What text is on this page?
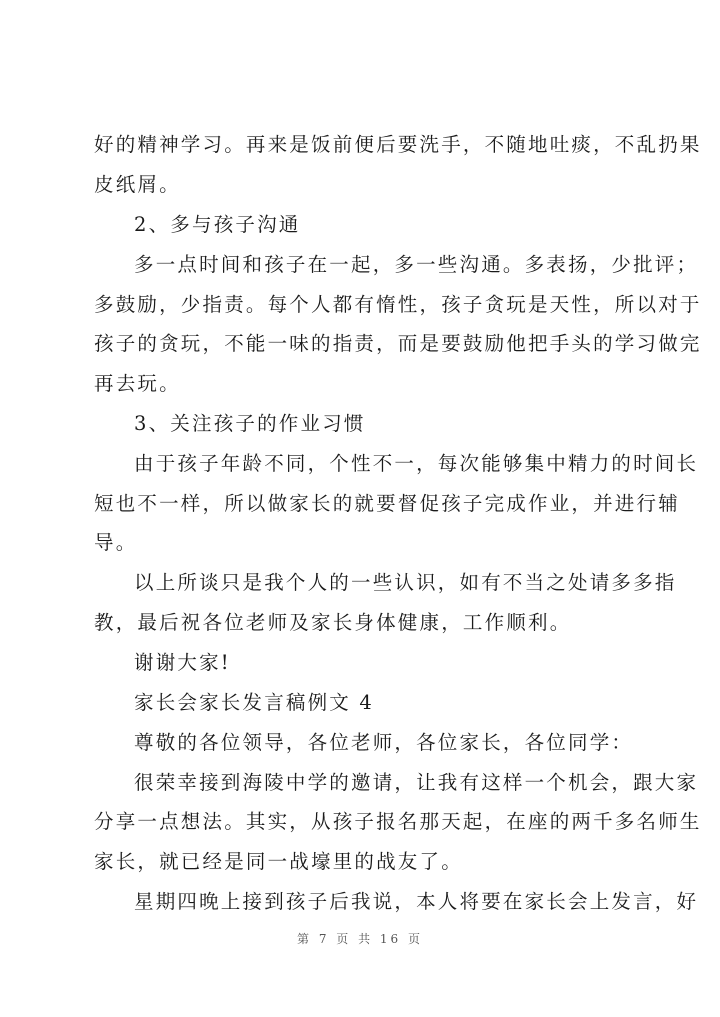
好的精神学习。再来是饭前便后要洗手，不随地吐痰，不乱扔果
皮纸屑。
2、多与孩子沟通
多一点时间和孩子在一起，多一些沟通。多表扬，少批评；
多鼓励，少指责。每个人都有惰性，孩子贪玩是天性，所以对于
孩子的贪玩，不能一味的指责，而是要鼓励他把手头的学习做完
再去玩。
3、关注孩子的作业习惯
由于孩子年龄不同，个性不一，每次能够集中精力的时间长
短也不一样，所以做家长的就要督促孩子完成作业，并进行辅
导。
以上所谈只是我个人的一些认识，如有不当之处请多多指
教，最后祝各位老师及家长身体健康，工作顺利。
谢谢大家!
家长会家长发言稿例文 4
尊敬的各位领导，各位老师，各位家长，各位同学：
很荣幸接到海陵中学的邀请，让我有这样一个机会，跟大家
分享一点想法。其实，从孩子报名那天起，在座的两千多名师生
家长，就已经是同一战壕里的战友了。
星期四晚上接到孩子后我说，本人将要在家长会上发言，好
第 7 页 共 16 页
